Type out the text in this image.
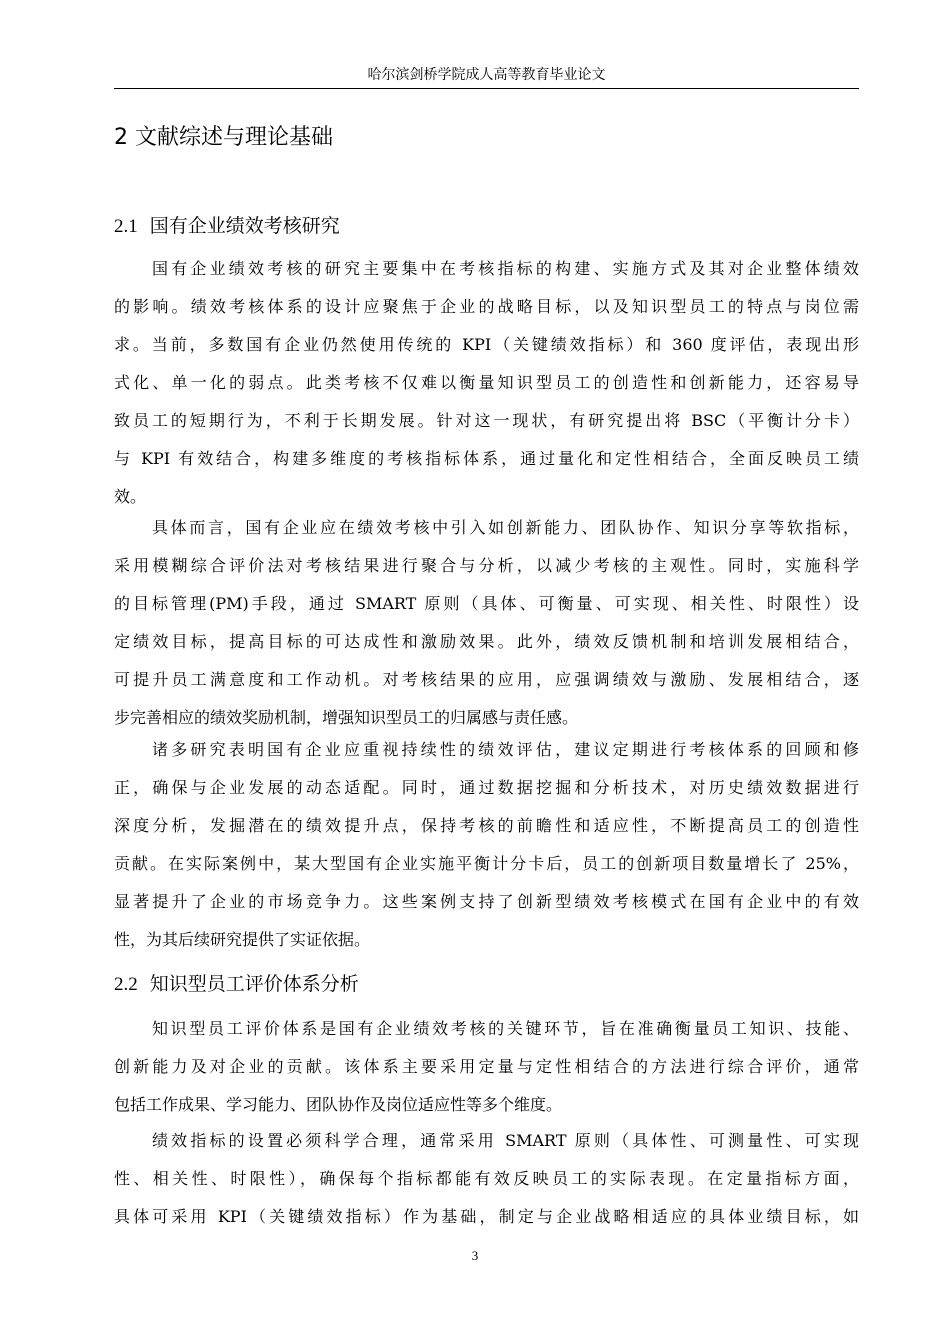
哈尔滨剑桥学院成人高等教育毕业论文
2 文献综述与理论基础
2.1 国有企业绩效考核研究
国有企业绩效考核的研究主要集中在考核指标的构建、实施方式及其对企业整体绩效
的影响。绩效考核体系的设计应聚焦于企业的战略目标，以及知识型员工的特点与岗位需
求。当前，多数国有企业仍然使用传统的 KPI（关键绩效指标）和 360 度评估，表现出形
式化、单一化的弱点。此类考核不仅难以衡量知识型员工的创造性和创新能力，还容易导
致员工的短期行为，不利于长期发展。针对这一现状，有研究提出将 BSC（平衡计分卡）
与 KPI 有效结合，构建多维度的考核指标体系，通过量化和定性相结合，全面反映员工绩
效。
具体而言，国有企业应在绩效考核中引入如创新能力、团队协作、知识分享等软指标，
采用模糊综合评价法对考核结果进行聚合与分析，以减少考核的主观性。同时，实施科学
的目标管理(PM)手段，通过 SMART 原则（具体、可衡量、可实现、相关性、时限性）设
定绩效目标，提高目标的可达成性和激励效果。此外，绩效反馈机制和培训发展相结合，
可提升员工满意度和工作动机。对考核结果的应用，应强调绩效与激励、发展相结合，逐
步完善相应的绩效奖励机制，增强知识型员工的归属感与责任感。
诸多研究表明国有企业应重视持续性的绩效评估，建议定期进行考核体系的回顾和修
正，确保与企业发展的动态适配。同时，通过数据挖掘和分析技术，对历史绩效数据进行
深度分析，发掘潜在的绩效提升点，保持考核的前瞻性和适应性，不断提高员工的创造性
贡献。在实际案例中，某大型国有企业实施平衡计分卡后，员工的创新项目数量增长了 25%，
显著提升了企业的市场竞争力。这些案例支持了创新型绩效考核模式在国有企业中的有效
性，为其后续研究提供了实证依据。
2.2 知识型员工评价体系分析
知识型员工评价体系是国有企业绩效考核的关键环节，旨在准确衡量员工知识、技能、
创新能力及对企业的贡献。该体系主要采用定量与定性相结合的方法进行综合评价，通常
包括工作成果、学习能力、团队协作及岗位适应性等多个维度。
绩效指标的设置必须科学合理，通常采用 SMART 原则（具体性、可测量性、可实现
性、相关性、时限性），确保每个指标都能有效反映员工的实际表现。在定量指标方面，
具体可采用 KPI（关键绩效指标）作为基础，制定与企业战略相适应的具体业绩目标，如
3
